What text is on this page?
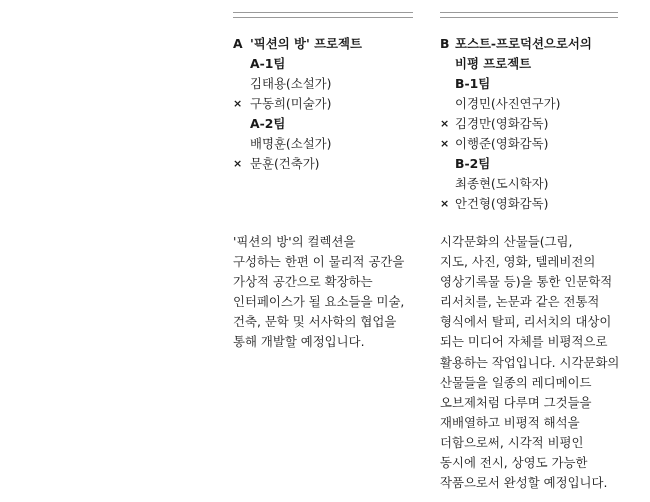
A '픽션의 방' 프로젝트
A-1팀
김태용(소설가)
× 구동희(미술가)
A-2팀
배명훈(소설가)
× 문훈(건축가)
'픽션의 방'의 컬렉션을
구성하는 한편 이 물리적 공간을
가상적 공간으로 확장하는
인터페이스가 될 요소들을 미술,
건축, 문학 및 서사학의 협업을
통해 개발할 예정입니다.
B 포스트-프로덕션으로서의
비평 프로젝트
B-1팀
이경민(사진연구가)
× 김경만(영화감독)
× 이행준(영화감독)
B-2팀
최종현(도시학자)
× 안건형(영화감독)
시각문화의 산물들(그림,
지도, 사진, 영화, 텔레비전의
영상기록물 등)을 통한 인문학적
리서치를, 논문과 같은 전통적
형식에서 탈피, 리서치의 대상이
되는 미디어 자체를 비평적으로
활용하는 작업입니다. 시각문화의
산물들을 일종의 레디메이드
오브제처럼 다루며 그것들을
재배열하고 비평적 해석을
더함으로써, 시각적 비평인
동시에 전시, 상영도 가능한
작품으로서 완성할 예정입니다.
